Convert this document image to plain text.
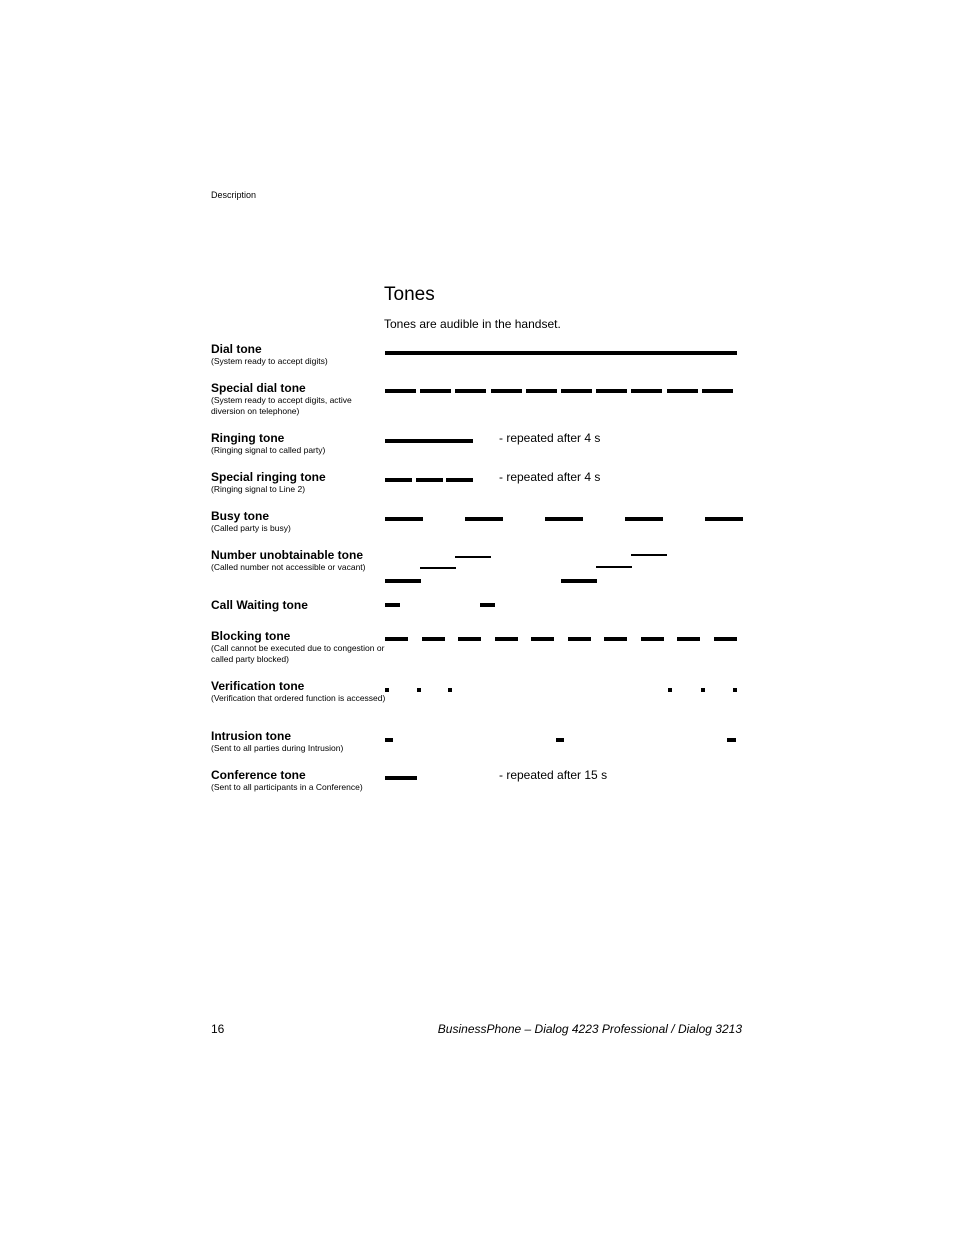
Description
Tones
Tones are audible in the handset.
Dial tone
(System ready to accept digits)
Special dial tone
(System ready to accept digits, active diversion on telephone)
Ringing tone
(Ringing signal to called party)
- repeated after 4 s
Special ringing tone
(Ringing signal to Line 2)
- repeated after 4 s
Busy tone
(Called party is busy)
Number unobtainable tone
(Called number not accessible or vacant)
Call Waiting tone
Blocking tone
(Call cannot be executed due to congestion or called party blocked)
Verification tone
(Verification that ordered function is accessed)
Intrusion tone
(Sent to all parties during Intrusion)
Conference tone
(Sent to all participants in a Conference)
- repeated after 15 s
16	BusinessPhone – Dialog 4223 Professional / Dialog 3213
